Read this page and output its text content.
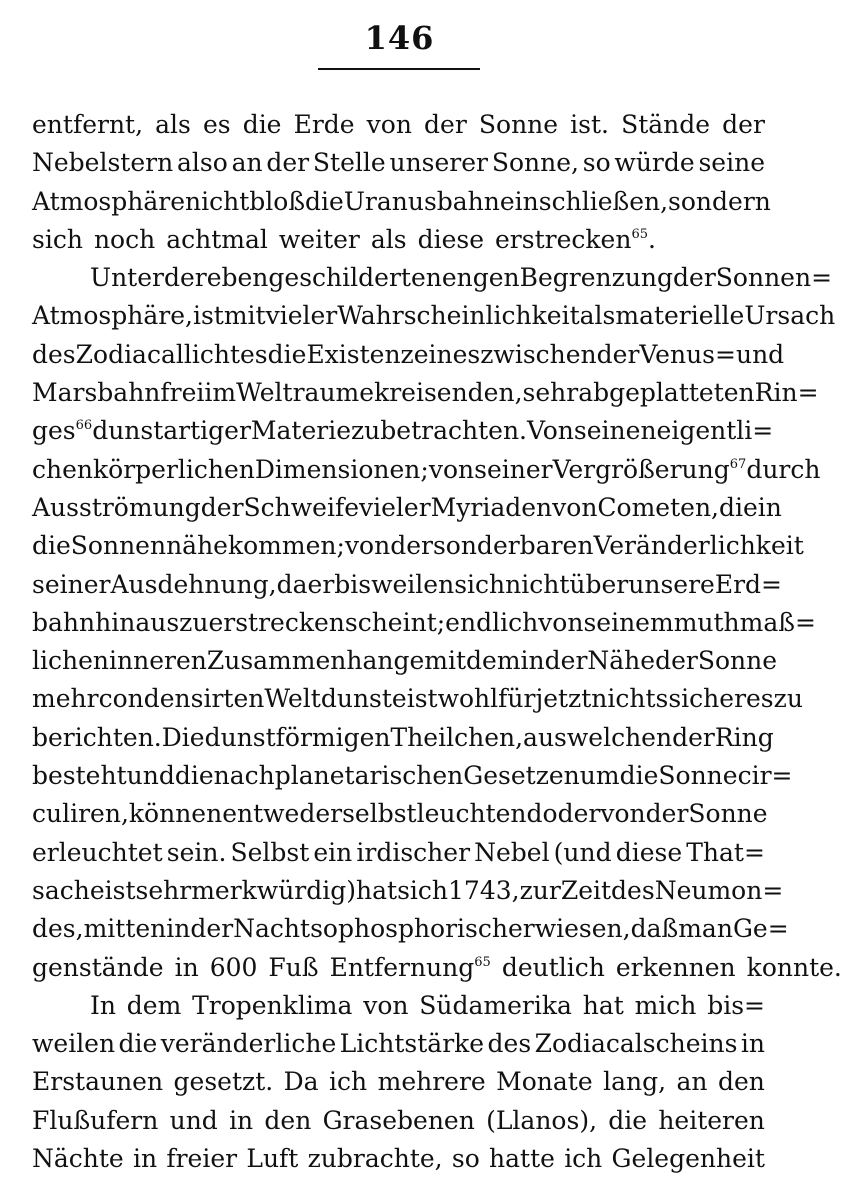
146
entfernt, als es die Erde von der Sonne ist. Stände der
Nebelstern also an der Stelle unserer Sonne, so würde seine
Atmosphäre nicht bloß die Uranusbahn einschließen, sondern
sich noch achtmal weiter als diese erstrecken$^{65}$.
Unter der eben geschilderten engen Begrenzung der Sonnen=
Atmosphäre, ist mit vieler Wahrscheinlichkeit als materielle Ursach
des Zodiacallichtes die Existenz eines zwischen der Venus= und
Marsbahn frei im Weltraume kreisenden, sehr abgeplatteten Rin=
ges$^{66}$ dunstartiger Materie zu betrachten. Von seinen eigentli=
chen körperlichen Dimensionen; von seiner Vergrößerung$^{67}$ durch
Ausströmung der Schweife vieler Myriaden von Cometen, die in
die Sonnennähe kommen; von der sonderbaren Veränderlichkeit
seiner Ausdehnung, da er bisweilen sich nicht über unsere Erd=
bahn hinaus zu erstrecken scheint; endlich von seinem muthmaß=
lichen inneren Zusammenhange mit dem in der Nähe der Sonne
mehr condensirten Weltdunste ist wohl für jetzt nichts sicheres zu
berichten. Die dunstförmigen Theilchen, aus welchen der Ring
besteht und die nach planetarischen Gesetzen um die Sonne cir=
culiren, können entweder selbstleuchtend oder von der Sonne
erleuchtet sein. Selbst ein irdischer Nebel (und diese That=
sache ist sehr merkwürdig) hat sich 1743, zur Zeit des Neumon=
des, mitten in der Nacht so phosphorisch erwiesen, daß man Ge=
genstände in 600 Fuß Entfernung$^{65}$ deutlich erkennen konnte.
In dem Tropenklima von Südamerika hat mich bis=
weilen die veränderliche Lichtstärke des Zodiacalscheins in
Erstaunen gesetzt. Da ich mehrere Monate lang, an den
Flußufern und in den Grasebenen (Llanos), die heiteren
Nächte in freier Luft zubrachte, so hatte ich Gelegenheit
